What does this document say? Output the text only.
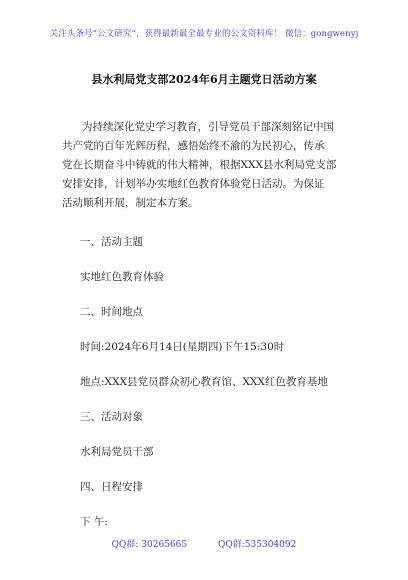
关注头条号“公文研究”，获得最新最全最专业的公文资料库！ 微信：gongwenyj
县水利局党支部2024年6月主题党日活动方案
为持续深化党史学习教育，引导党员干部深刻铭记中国
共产党的百年光辉历程，感悟始终不渝的为民初心，传承
党在长期奋斗中铸就的伟大精神，根据XXX县水利局党支部
安排安排，计划举办实地红色教育体验党日活动。为保证
活动顺利开展，制定本方案。
一、活动主题
实地红色教育体验
二、时间地点
时间:2024年6月14日(星期四)下午15:30时
地点:XXX县党员群众初心教育馆、XXX红色教育基地
三、活动对象
水利局党员干部
四、日程安排
下 午:
QQ群: 30265665	QQ群:535304092
